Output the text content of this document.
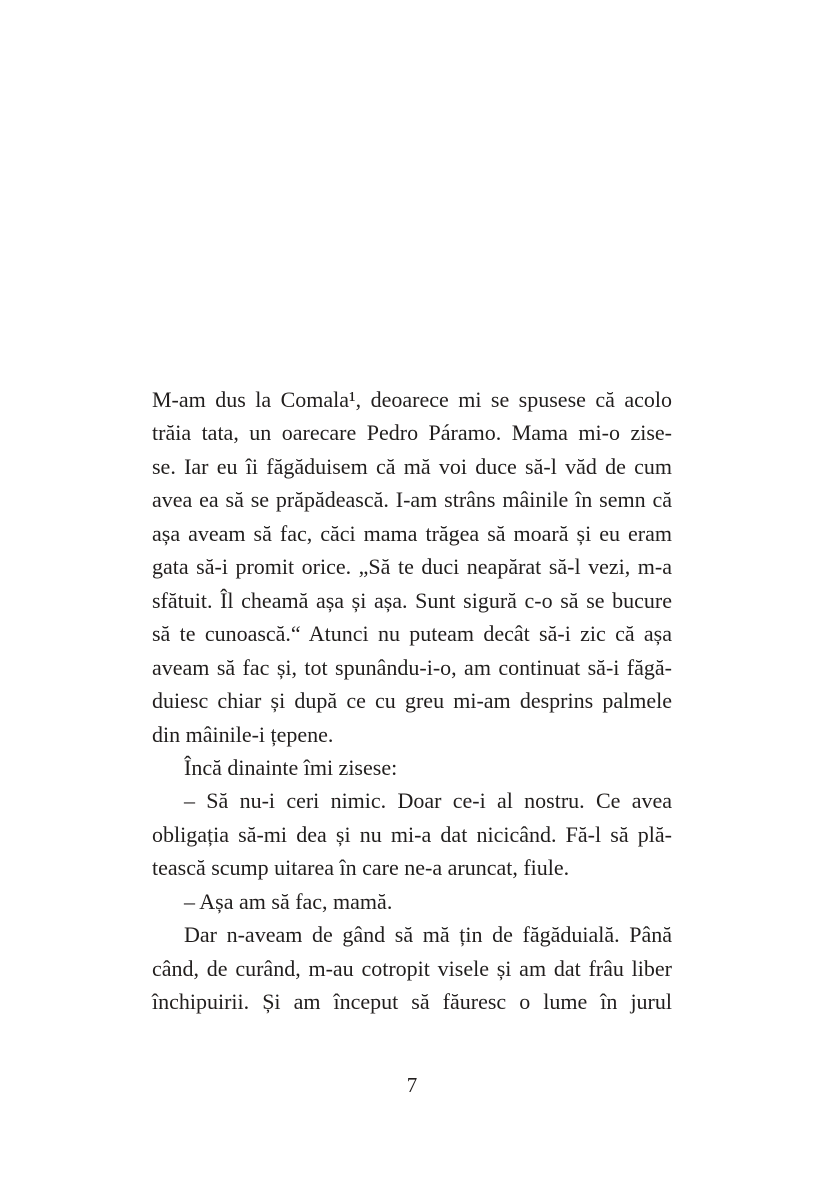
M-am dus la Comala¹, deoarece mi se spusese că acolo
trăia tata, un oarecare Pedro Páramo. Mama mi-o zise-
se. Iar eu îi făgăduisem că mă voi duce să-l văd de cum
avea ea să se prăpădească. I-am strâns mâinile în semn că
așa aveam să fac, căci mama trăgea să moară și eu eram
gata să-i promit orice. „Să te duci neapărat să-l vezi, m-a
sfătuit. Îl cheamă așa și așa. Sunt sigură c-o să se bucure
să te cunoască.“ Atunci nu puteam decât să-i zic că așa
aveam să fac și, tot spunându-i-o, am continuat să-i făgă-
duiesc chiar și după ce cu greu mi-am desprins palmele
din mâinile-i țepene.

Încă dinainte îmi zisese:

– Să nu-i ceri nimic. Doar ce-i al nostru. Ce avea
obligația să-mi dea și nu mi-a dat nicicând. Fă-l să plă-
tească scump uitarea în care ne-a aruncat, fiule.

– Așa am să fac, mamă.

Dar n-aveam de gând să mă țin de făgăduială. Până
când, de curând, m-au cotropit visele și am dat frâu liber
închipuirii. Și am început să făuresc o lume în jurul

7
